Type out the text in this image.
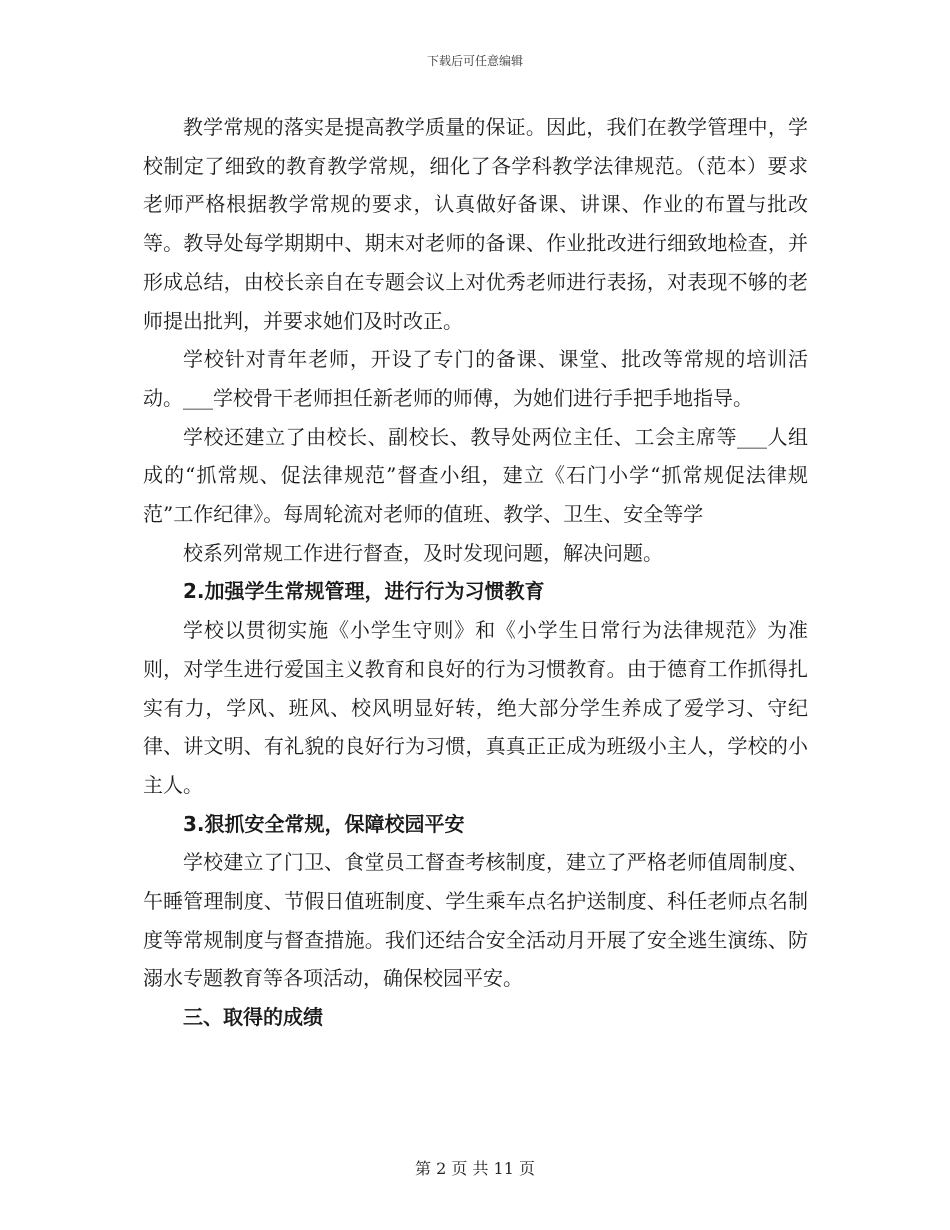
下载后可任意编辑

教学常规的落实是提高教学质量的保证。因此，我们在教学管理中，学校制定了细致的教育教学常规，细化了各学科教学法律规范。（范本）要求老师严格根据教学常规的要求，认真做好备课、讲课、作业的布置与批改等。教导处每学期期中、期末对老师的备课、作业批改进行细致地检查，并形成总结，由校长亲自在专题会议上对优秀老师进行表扬，对表现不够的老师提出批判，并要求她们及时改正。

学校针对青年老师，开设了专门的备课、课堂、批改等常规的培训活动。___学校骨干老师担任新老师的师傅，为她们进行手把手地指导。

学校还建立了由校长、副校长、教导处两位主任、工会主席等___人组成的“抓常规、促法律规范”督查小组，建立《石门小学“抓常规促法律规范”工作纪律》。每周轮流对老师的值班、教学、卫生、安全等学

校系列常规工作进行督查，及时发现问题，解决问题。

2.加强学生常规管理，进行行为习惯教育

学校以贯彻实施《小学生守则》和《小学生日常行为法律规范》为准则，对学生进行爱国主义教育和良好的行为习惯教育。由于德育工作抓得扎实有力，学风、班风、校风明显好转，绝大部分学生养成了爱学习、守纪律、讲文明、有礼貌的良好行为习惯，真真正正成为班级小主人，学校的小主人。

3.狠抓安全常规，保障校园平安

学校建立了门卫、食堂员工督查考核制度，建立了严格老师值周制度、午睡管理制度、节假日值班制度、学生乘车点名护送制度、科任老师点名制度等常规制度与督查措施。我们还结合安全活动月开展了安全逃生演练、防溺水专题教育等各项活动，确保校园平安。

三、取得的成绩

第 2 页 共 11 页
